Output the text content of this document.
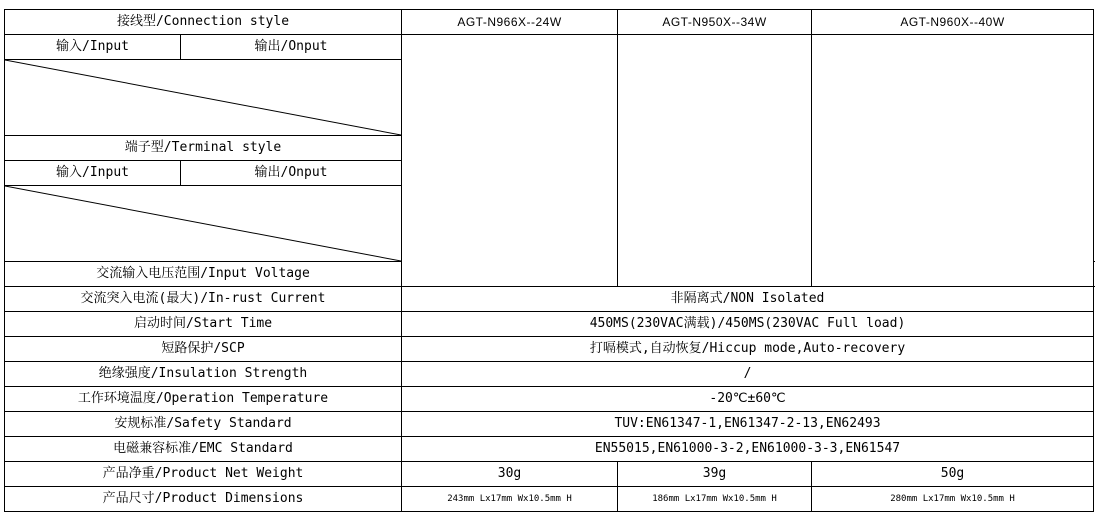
接线型/Connection style	AGT-N966X--24W	AGT-N950X--34W	AGT-N960X--40W	

输入/Input 输出/Onput				

端子型/Terminal style				

输入/Input 输出/Onput				

交流输入电压范围/Input Voltage	
交流突入电流(最大)/In-rust Current	非隔离式/NON Isolated			
启动时间/Start Time	450MS(230VAC满载)/450MS(230VAC Full load)			
短路保护/SCP	打嗝模式,自动恢复/Hiccup mode,Auto-recovery			
绝缘强度/Insulation Strength	/			
工作环境温度/Operation Temperature	-20℃±60℃			
安规标准/Safety Standard	TUV:EN61347-1,EN61347-2-13,EN62493			
电磁兼容标准/EMC Standard	EN55015,EN61000-3-2,EN61000-3-3,EN61547			
产品净重/Product Net Weight	30g	39g	50g	
产品尺寸/Product Dimensions	243mm Lx17mm Wx10.5mm H	186mm Lx17mm Wx10.5mm H	280mm Lx17mm Wx10.5mm H	
